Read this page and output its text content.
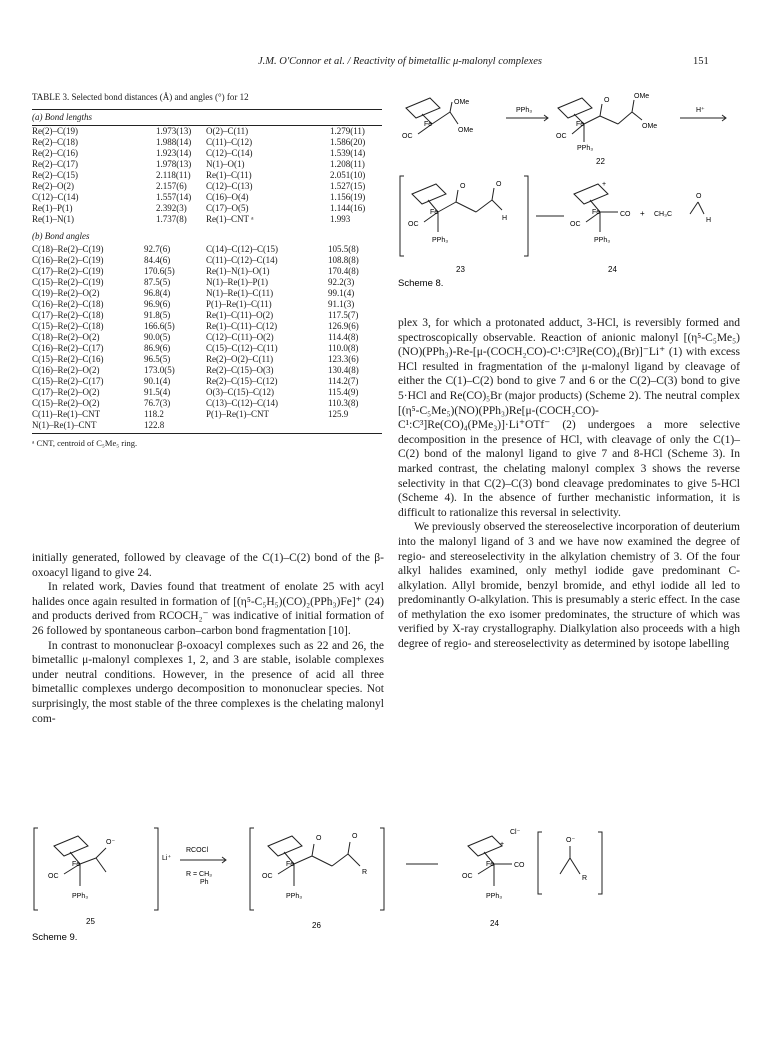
J.M. O'Connor et al. / Reactivity of bimetallic μ-malonyl complexes	151
TABLE 3. Selected bond distances (Å) and angles (°) for 12
(a) Bond lengths
Re(2)–C(19)	1.973(13)	O(2)–C(11)	1.279(11)
Re(2)–C(18)	1.988(14)	C(11)–C(12)	1.586(20)
Re(2)–C(16)	1.923(14)	C(12)–C(14)	1.539(14)
Re(2)–C(17)	1.978(13)	N(1)–O(1)	1.208(11)
Re(2)–C(15)	2.118(11)	Re(1)–C(11)	2.051(10)
Re(2)–O(2)	2.157(6)	C(12)–C(13)	1.527(15)
C(12)–C(14)	1.557(14)	C(16)–O(4)	1.156(19)
Re(1)–P(1)	2.392(3)	C(17)–O(5)	1.144(16)
Re(1)–N(1)	1.737(8)	Re(1)–CNT ᵃ	1.993
(b) Bond angles
C(18)–Re(2)–C(19)	92.7(6)	C(14)–C(12)–C(15)	105.5(8)
C(16)–Re(2)–C(19)	84.4(6)	C(11)–C(12)–C(14)	108.8(8)
C(17)–Re(2)–C(19)	170.6(5)	Re(1)–N(1)–O(1)	170.4(8)
C(15)–Re(2)–C(19)	87.5(5)	N(1)–Re(1)–P(1)	92.2(3)
C(19)–Re(2)–O(2)	96.8(4)	N(1)–Re(1)–C(11)	99.1(4)
C(16)–Re(2)–C(18)	96.9(6)	P(1)–Re(1)–C(11)	91.1(3)
C(17)–Re(2)–C(18)	91.8(5)	Re(1)–C(11)–O(2)	117.5(7)
C(15)–Re(2)–C(18)	166.6(5)	Re(1)–C(11)–C(12)	126.9(6)
C(18)–Re(2)–O(2)	90.0(5)	C(12)–C(11)–O(2)	114.4(8)
C(16)–Re(2)–C(17)	86.9(6)	C(15)–C(12)–C(11)	110.0(8)
C(15)–Re(2)–C(16)	96.5(5)	Re(2)–O(2)–C(11)	123.3(6)
C(16)–Re(2)–O(2)	173.0(5)	Re(2)–C(15)–O(3)	130.4(8)
C(15)–Re(2)–C(17)	90.1(4)	Re(2)–C(15)–C(12)	114.2(7)
C(17)–Re(2)–O(2)	91.5(4)	O(3)–C(15)–C(12)	115.4(9)
C(15)–Re(2)–O(2)	76.7(3)	C(13)–C(12)–C(14)	110.3(8)
C(11)–Re(1)–CNT	118.2	P(1)–Re(1)–CNT	125.9
N(1)–Re(1)–CNT	122.8
ᵃ CNT, centroid of C₅Me₅ ring.
OMe
OMe
Fe
OC
PPh₃	H⁺
Fe
OC
PPh₃
O
OMe
OMe
22
Fe
OC
PPh₃
O	O
H
23
Fe
OC
CO
PPh₃
+
+ CH₃C
O
H
24
Scheme 8.

plex 3, for which a protonated adduct, 3-HCl, is reversibly formed and spectroscopically observable. Reaction of anionic malonyl [(η⁵-C₅Me₅)(NO)(PPh₃)-Re-[μ-(COCH₂CO)-C¹:C³]Re(CO)₄(Br)]⁻Li⁺ (1) with excess HCl resulted in fragmentation of the μ-malonyl ligand by cleavage of either the C(1)–C(2) bond to give 7 and 6 or the C(2)–C(3) bond to give 5·HCl and Re(CO)₅Br (major products) (Scheme 2). The neutral complex [(η⁵-C₅Me₅)(NO)(PPh₃)Re[μ-(COCH₂CO)-C¹:C³]Re(CO)₄(PMe₃)]·Li⁺OTf⁻ (2) undergoes a more selective decomposition in the presence of HCl, with cleavage of only the C(1)–C(2) bond of the malonyl ligand to give 7 and 8-HCl (Scheme 3). In marked contrast, the chelating malonyl complex 3 shows the reverse selectivity in that C(2)–C(3) bond cleavage predominates to give 5-HCl (Scheme 4). In the absence of further mechanistic information, it is difficult to rationalize this reversal in selectivity.

We previously observed the stereoselective incorporation of deuterium into the malonyl ligand of 3 and we have now examined the degree of regio- and stereoselectivity in the alkylation chemistry of 3. Of the four alkyl halides examined, only methyl iodide gave predominant C-alkylation. Allyl bromide, benzyl bromide, and ethyl iodide all led to predominantly O-alkylation. This is presumably a steric effect. In the case of methylation the exo isomer predominates, the structure of which was verified by X-ray crystallography. Dialkylation also proceeds with a high degree of regio- and stereoselectivity as determined by isotope labelling

initially generated, followed by cleavage of the C(1)–C(2) bond of the β-oxoacyl ligand to give 24.

In related work, Davies found that treatment of enolate 25 with acyl halides once again resulted in formation of [(η⁵-C₅H₅)(CO)₂(PPh₃)Fe]⁺ (24) and products derived from RCOCH₂⁻ was indicative of initial formation of 26 followed by spontaneous carbon–carbon bond fragmentation [10].

In contrast to mononuclear β-oxoacyl complexes such as 22 and 26, the bimetallic μ-malonyl complexes 1, 2, and 3 are stable, isolable complexes under neutral conditions. However, in the presence of acid all three bimetallic complexes undergo decomposition to mononuclear species. Not surprisingly, the most stable of the three complexes is the chelating malonyl com-

O⁻
Fe
OC
PPh₃
Li⁺
RCOCl
R = CH₃
Ph
Fe
OC
PPh₃
O	O
R
Cl⁻
+
Fe
OC
CO
PPh₃
O⁻
R
25	26	24
Scheme 9.
